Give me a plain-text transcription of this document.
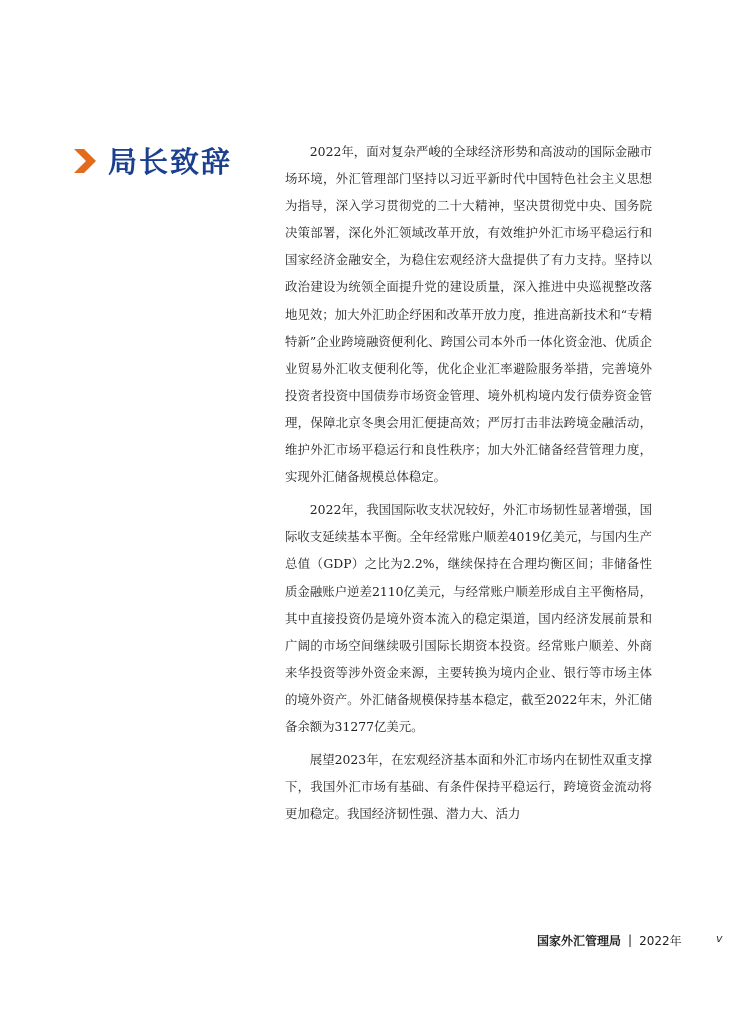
局长致辞	2022年，面对复杂严峻的全球经济形势和高波动的国际金融市场环境，外汇管理部门坚持以习近平新时代中国特色社会主义思想为指导，深入学习贯彻党的二十大精神，坚决贯彻党中央、国务院决策部署，深化外汇领域改革开放，有效维护外汇市场平稳运行和国家经济金融安全，为稳住宏观经济大盘提供了有力支持。坚持以政治建设为统领全面提升党的建设质量，深入推进中央巡视整改落地见效；加大外汇助企纾困和改革开放力度，推进高新技术和“专精特新”企业跨境融资便利化、跨国公司本外币一体化资金池、优质企业贸易外汇收支便利化等，优化企业汇率避险服务举措，完善境外投资者投资中国债券市场资金管理、境外机构境内发行债券资金管理，保障北京冬奥会用汇便捷高效；严厉打击非法跨境金融活动，维护外汇市场平稳运行和良性秩序；加大外汇储备经营管理力度，实现外汇储备规模总体稳定。

2022年，我国国际收支状况较好，外汇市场韧性显著增强，国际收支延续基本平衡。全年经常账户顺差4019亿美元，与国内生产总值（GDP）之比为2.2%，继续保持在合理均衡区间；非储备性质金融账户逆差2110亿美元，与经常账户顺差形成自主平衡格局，其中直接投资仍是境外资本流入的稳定渠道，国内经济发展前景和广阔的市场空间继续吸引国际长期资本投资。经常账户顺差、外商来华投资等涉外资金来源，主要转换为境内企业、银行等市场主体的境外资产。外汇储备规模保持基本稳定，截至2022年末，外汇储备余额为31277亿美元。

展望2023年，在宏观经济基本面和外汇市场内在韧性双重支撑下，我国外汇市场有基础、有条件保持平稳运行，跨境资金流动将更加稳定。我国经济韧性强、潜力大、活力

国家外汇管理局 | 2022年	v
